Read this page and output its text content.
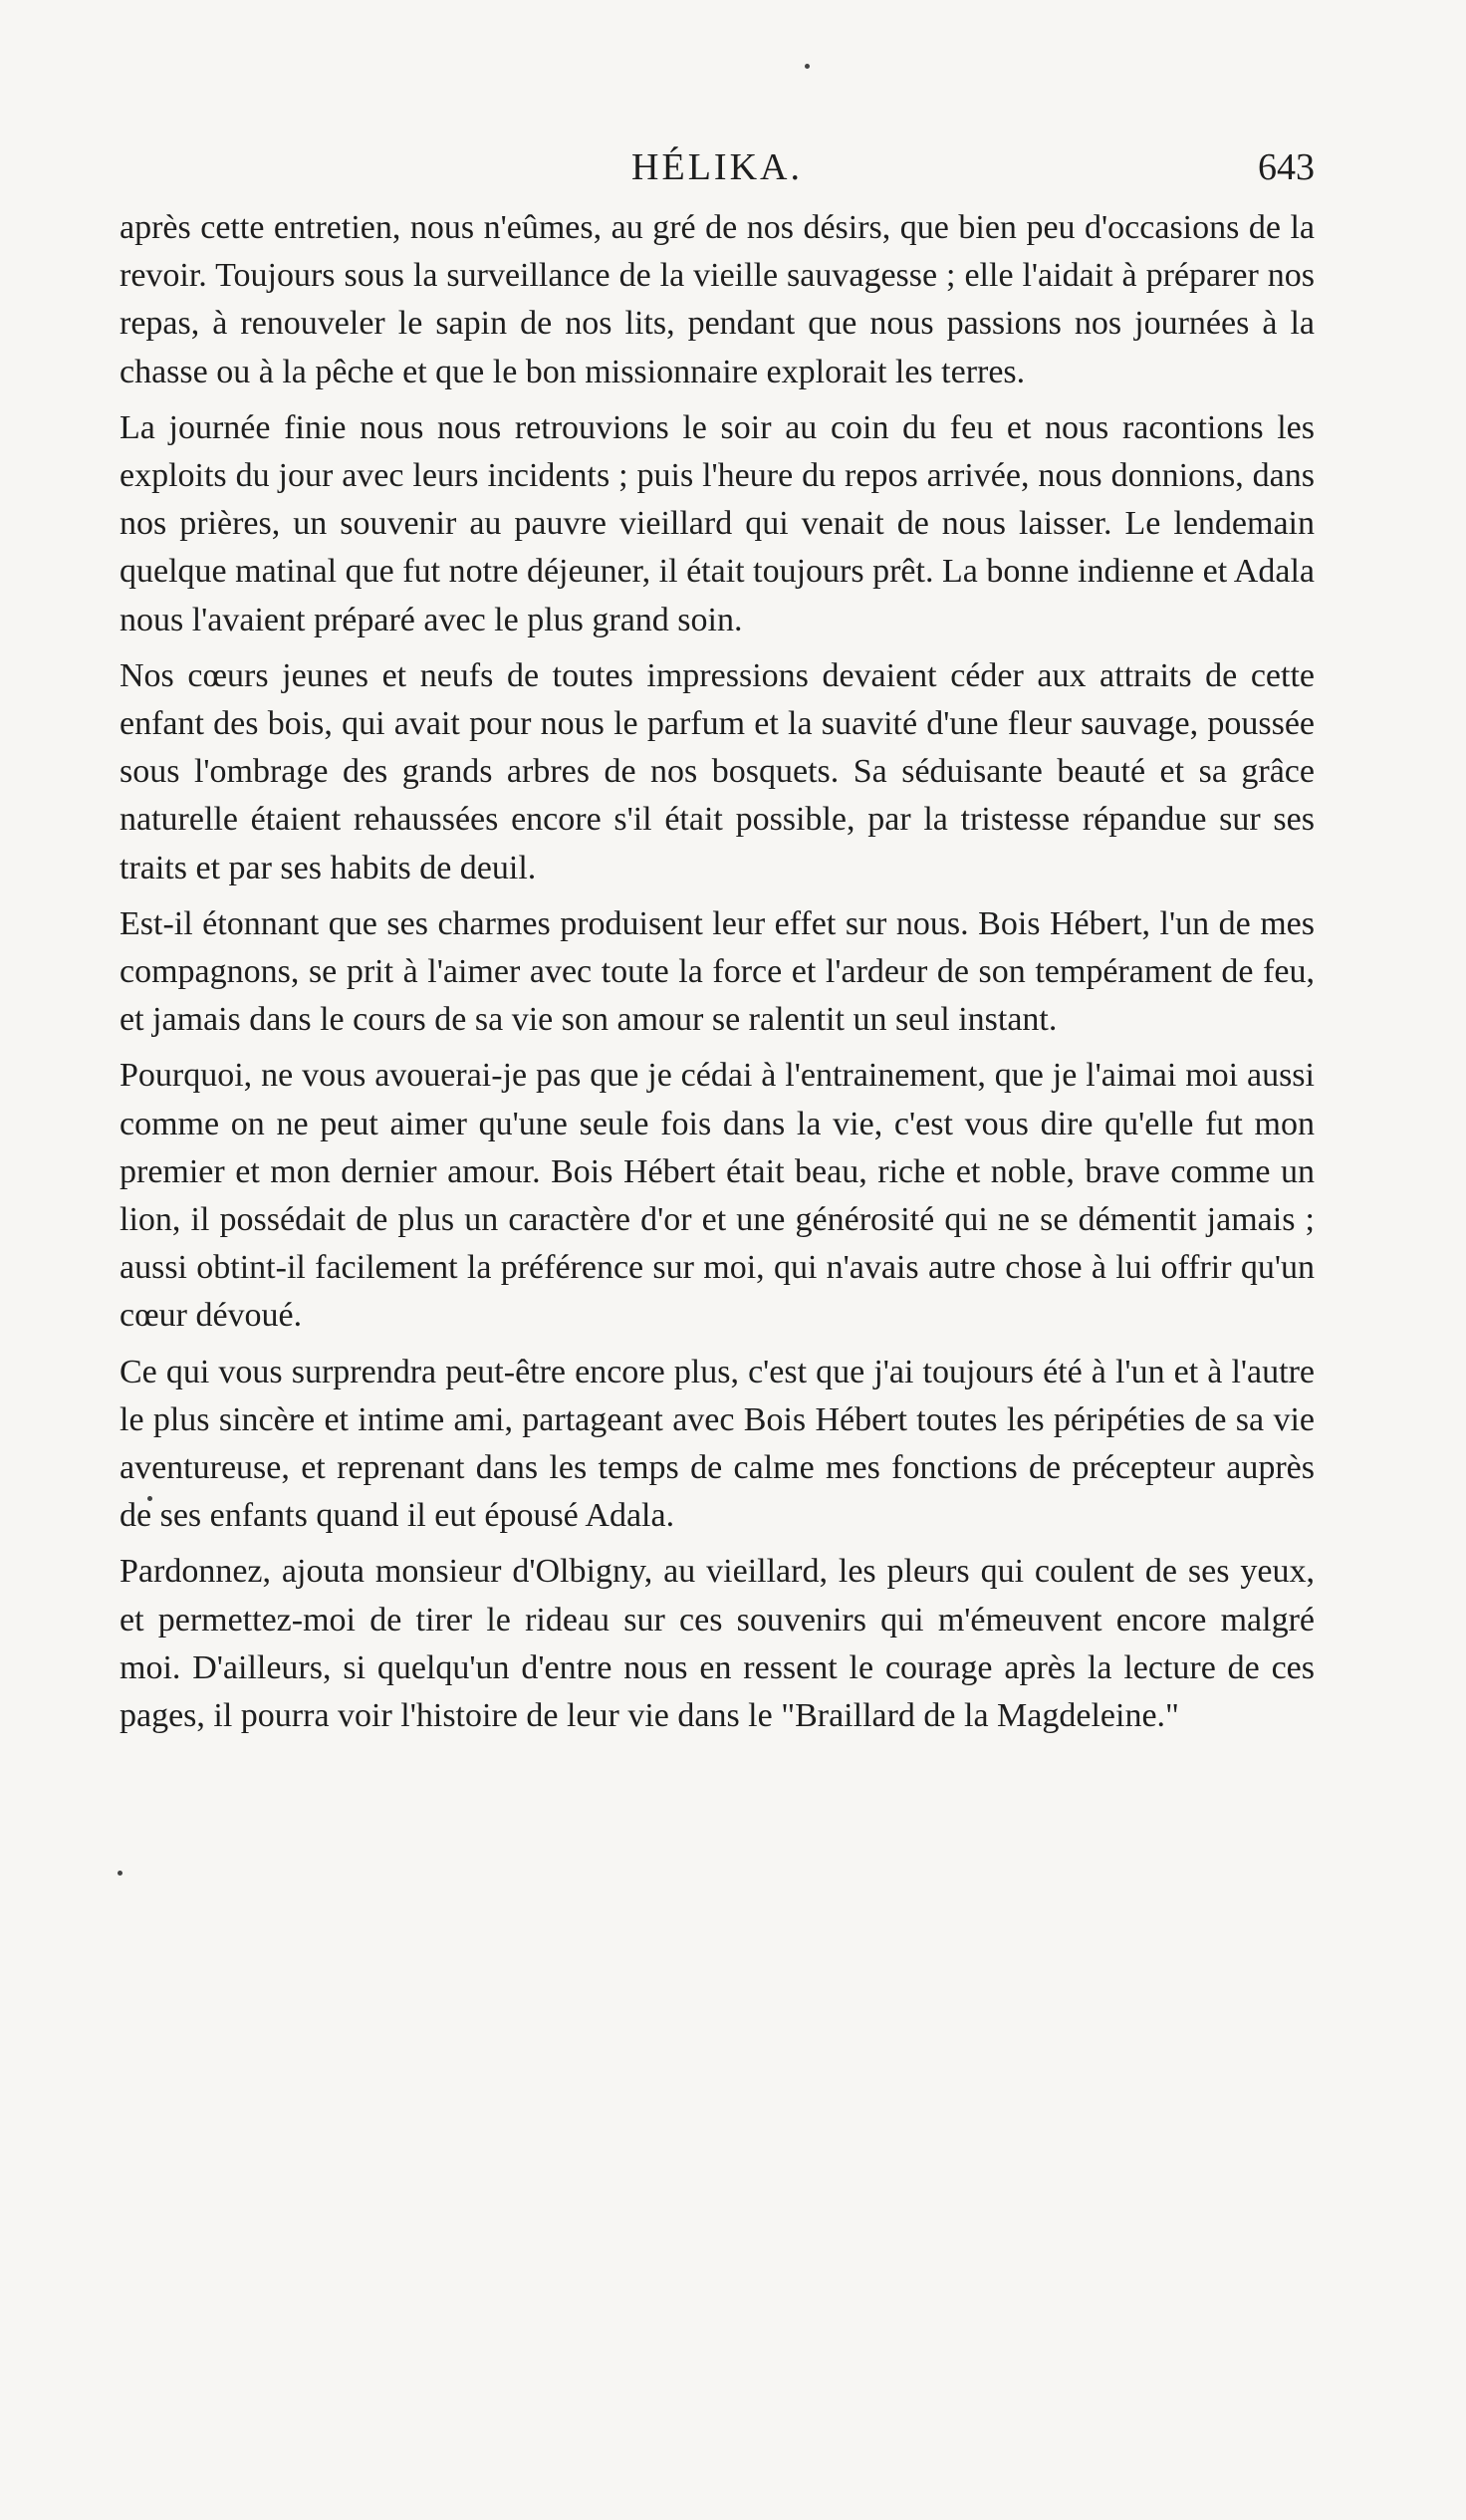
HÉLIKA.	643

après cette entretien, nous n'eûmes, au gré de nos désirs, que bien peu d'occasions de la revoir. Toujours sous la surveillance de la vieille sauvagesse ; elle l'aidait à préparer nos repas, à renouveler le sapin de nos lits, pendant que nous passions nos journées à la chasse ou à la pêche et que le bon missionnaire explorait les terres.

La journée finie nous nous retrouvions le soir au coin du feu et nous racontions les exploits du jour avec leurs incidents ; puis l'heure du repos arrivée, nous donnions, dans nos prières, un souvenir au pauvre vieillard qui venait de nous laisser. Le lendemain quelque matinal que fut notre déjeuner, il était toujours prêt. La bonne indienne et Adala nous l'avaient préparé avec le plus grand soin.

Nos cœurs jeunes et neufs de toutes impressions devaient céder aux attraits de cette enfant des bois, qui avait pour nous le parfum et la suavité d'une fleur sauvage, poussée sous l'ombrage des grands arbres de nos bosquets. Sa séduisante beauté et sa grâce naturelle étaient rehaussées encore s'il était possible, par la tristesse répandue sur ses traits et par ses habits de deuil.

Est-il étonnant que ses charmes produisent leur effet sur nous. Bois Hébert, l'un de mes compagnons, se prit à l'aimer avec toute la force et l'ardeur de son tempérament de feu, et jamais dans le cours de sa vie son amour se ralentit un seul instant.

Pourquoi, ne vous avouerai-je pas que je cédai à l'entrainement, que je l'aimai moi aussi comme on ne peut aimer qu'une seule fois dans la vie, c'est vous dire qu'elle fut mon premier et mon dernier amour. Bois Hébert était beau, riche et noble, brave comme un lion, il possédait de plus un caractère d'or et une générosité qui ne se démentit jamais ; aussi obtint-il facilement la préférence sur moi, qui n'avais autre chose à lui offrir qu'un cœur dévoué.

Ce qui vous surprendra peut-être encore plus, c'est que j'ai toujours été à l'un et à l'autre le plus sincère et intime ami, partageant avec Bois Hébert toutes les péripéties de sa vie aventureuse, et reprenant dans les temps de calme mes fonctions de précepteur auprès de ses enfants quand il eut épousé Adala.

Pardonnez, ajouta monsieur d'Olbigny, au vieillard, les pleurs qui coulent de ses yeux, et permettez-moi de tirer le rideau sur ces souvenirs qui m'émeuvent encore malgré moi. D'ailleurs, si quelqu'un d'entre nous en ressent le courage après la lecture de ces pages, il pourra voir l'histoire de leur vie dans le "Braillard de la Magdeleine."
